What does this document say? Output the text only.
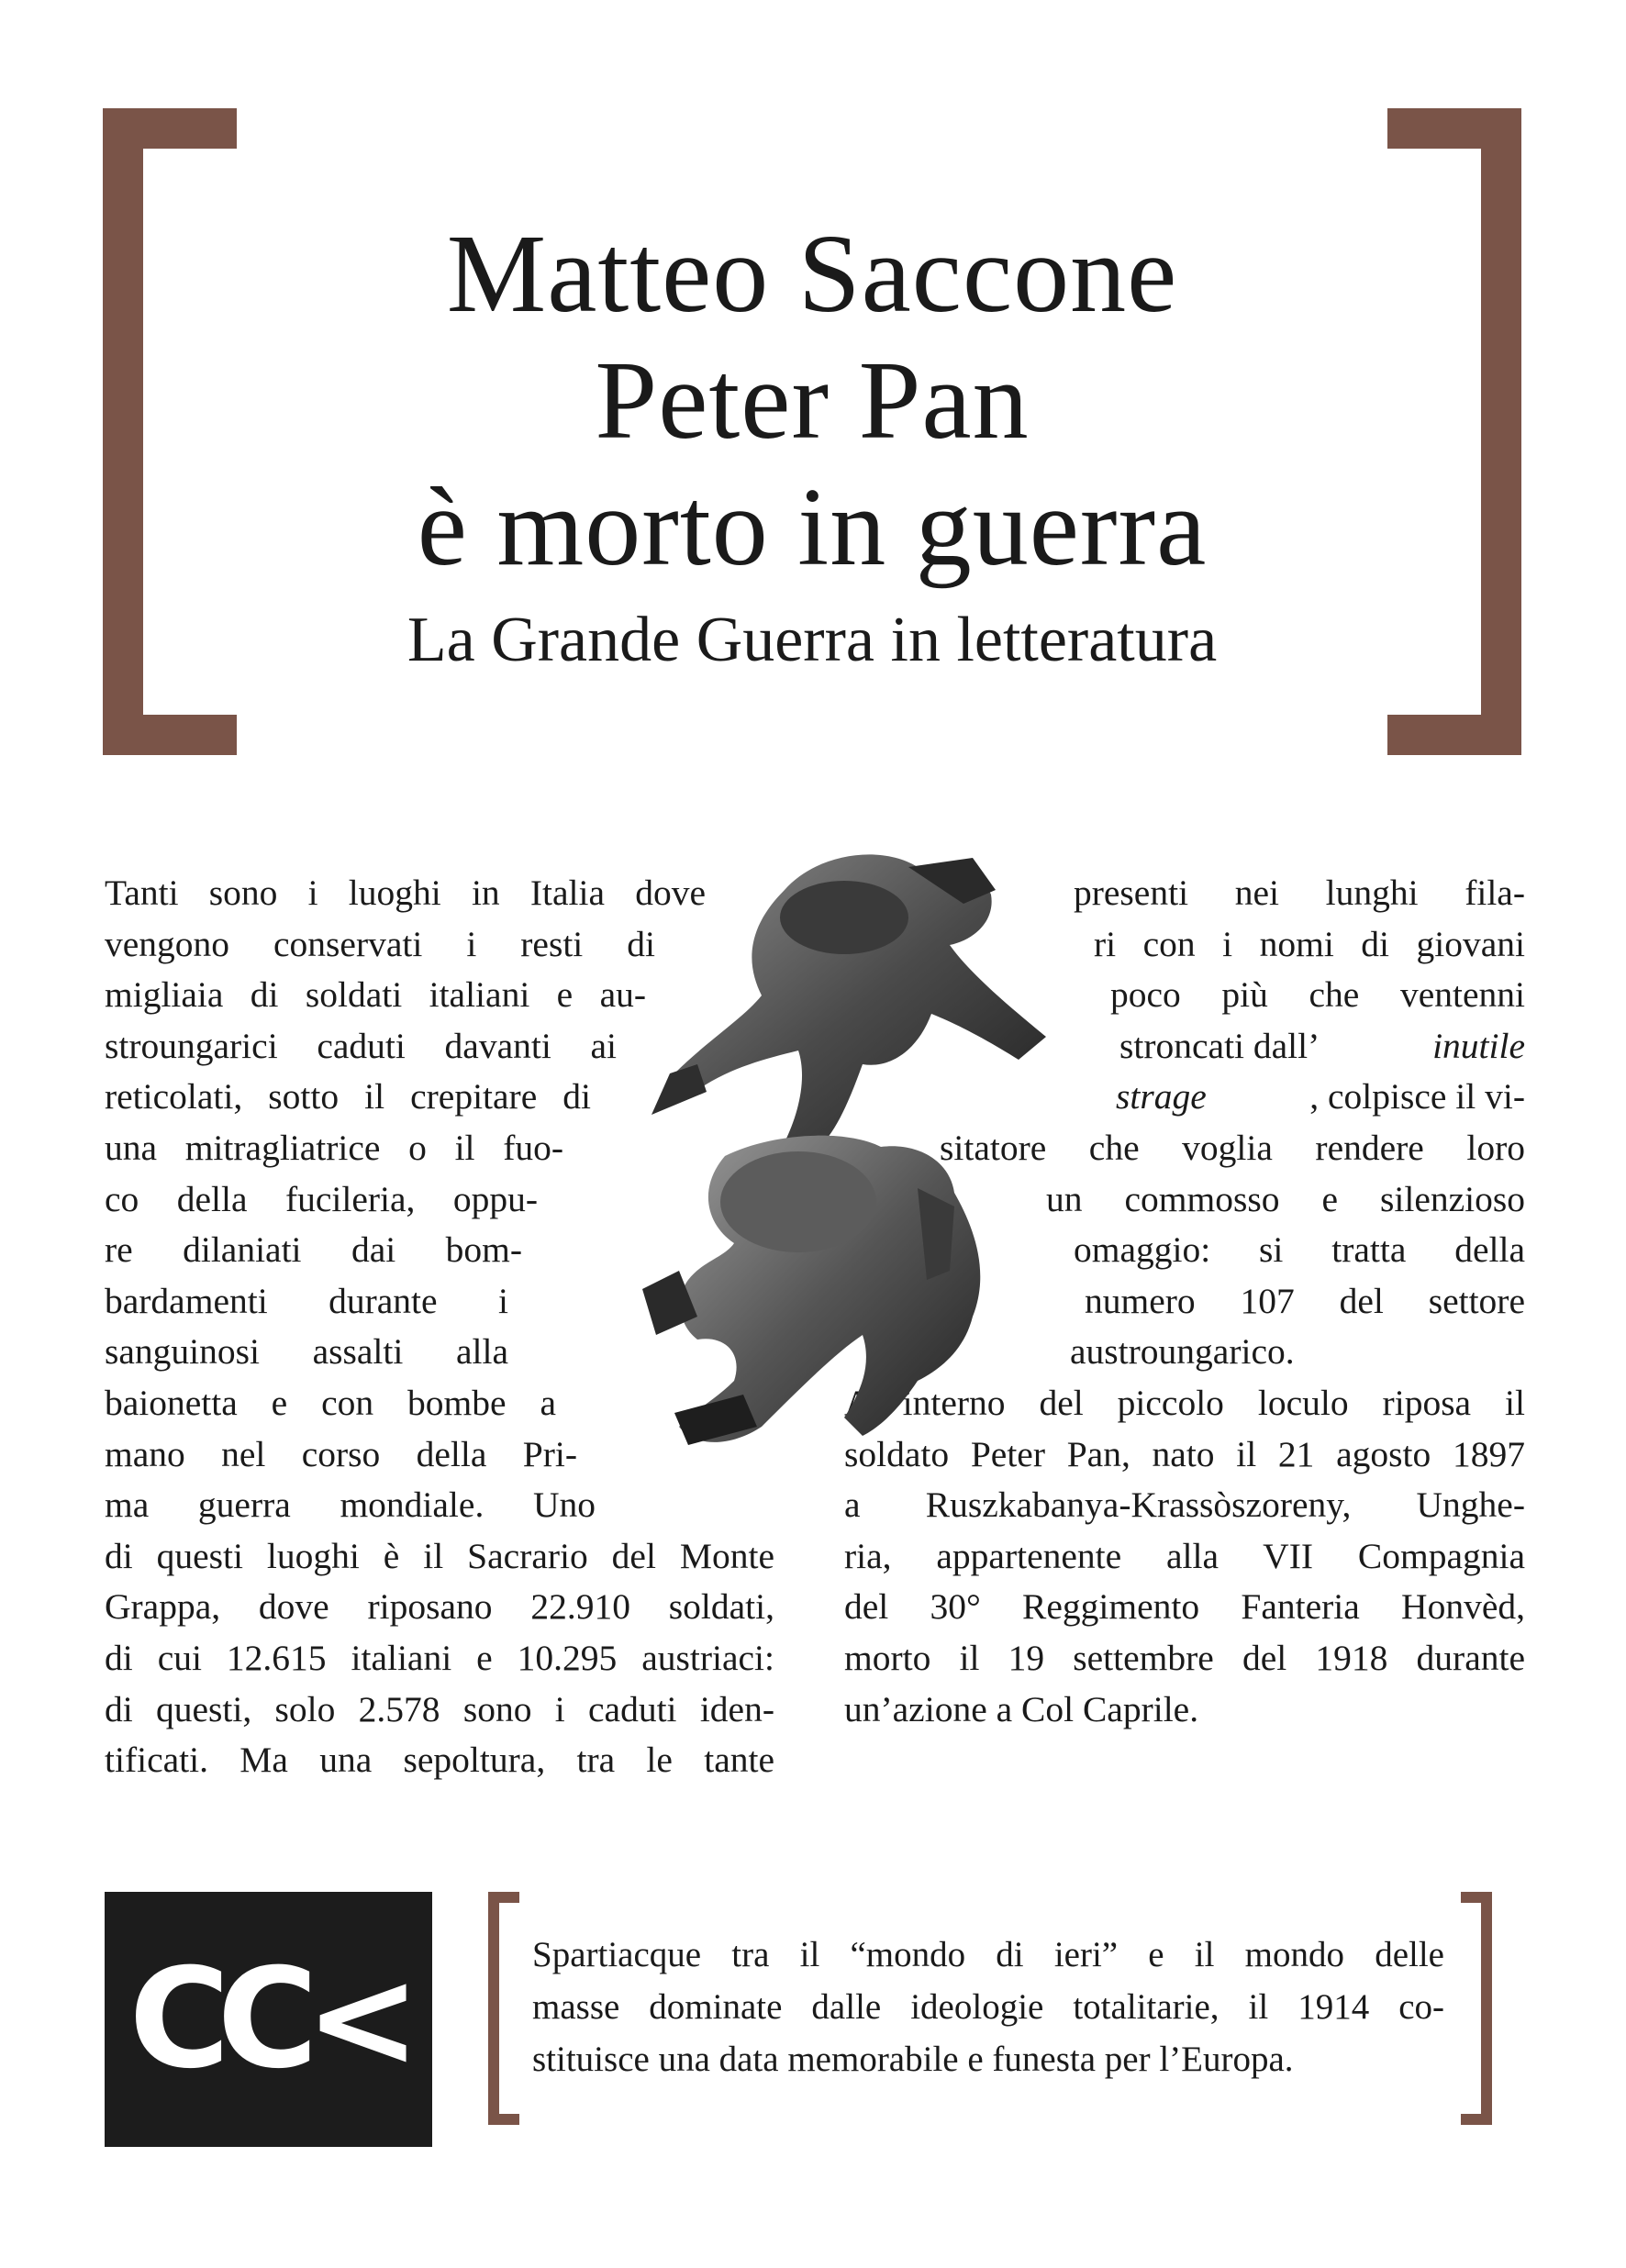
Matteo Saccone
Peter Pan
è morto in guerra
La Grande Guerra in letteratura
Tanti sono i luoghi in Italia dove
vengono conservati i resti di
migliaia di soldati italiani e au-
stroungarici caduti davanti ai
reticolati, sotto il crepitare di
una mitragliatrice o il fuo-
co della fucileria, oppu-
re dilaniati dai bom-
bardamenti durante i
sanguinosi assalti alla
baionetta e con bombe a
mano nel corso della Pri-
ma guerra mondiale. Uno
di questi luoghi è il Sacrario del Monte
Grappa, dove riposano 22.910 soldati,
di cui 12.615 italiani e 10.295 austriaci:
di questi, solo 2.578 sono i caduti iden-
tificati. Ma una sepoltura, tra le tante
presenti nei lunghi fila-
ri con i nomi di giovani
poco più che ventenni
stroncati dall’	inutile
strage	, colpisce il vi-
sitatore che voglia rendere loro
un commosso e silenzioso
omaggio: si tratta della
numero 107 del settore
austroungarico.
All’interno del piccolo loculo riposa il
soldato Peter Pan, nato il 21 agosto 1897
a Ruszkabanya-Krassòszoreny, Unghe-
ria, appartenente alla VII Compagnia
del 30° Reggimento Fanteria Honvèd,
morto il 19 settembre del 1918 durante
un’azione a Col Caprile.
CC<	Spartiacque tra il “mondo di ieri” e il mondo delle
masse dominate dalle ideologie totalitarie, il 1914 co-
stituisce una data memorabile e funesta per l’Europa.
